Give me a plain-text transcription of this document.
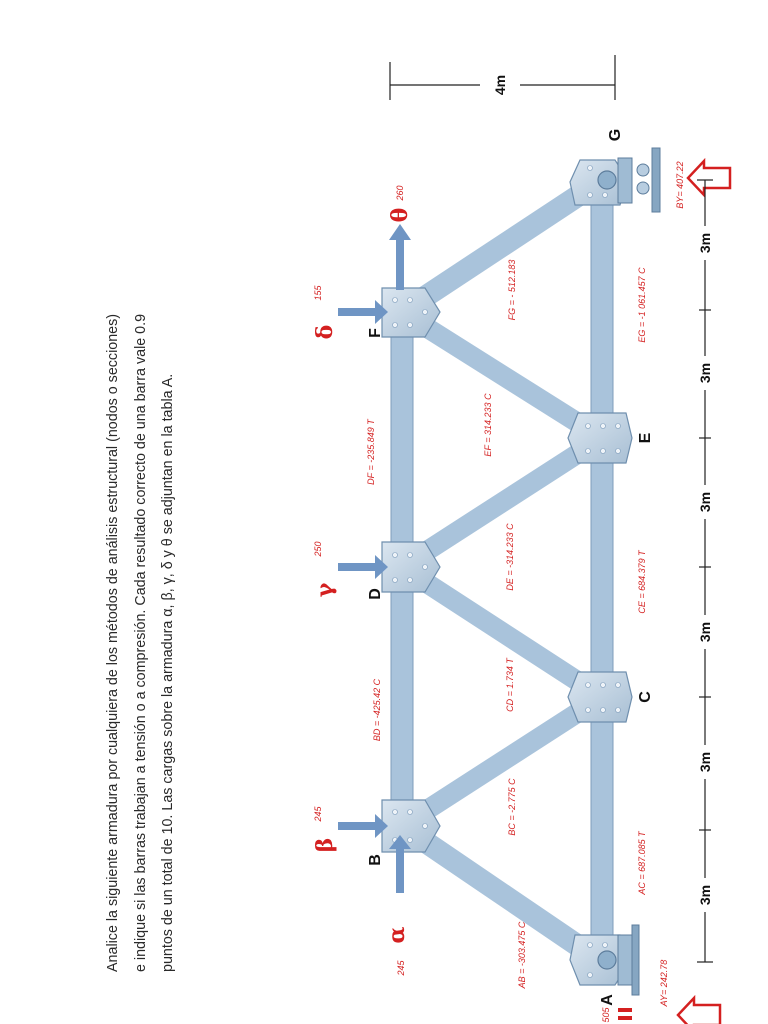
Analice la siguiente armadura por cualquiera de los métodos de análisis estructural (nodos o secciones) e indique si las barras trabajan a tensión o a compresión. Cada resultado correcto de una barra vale 0.9 puntos de un total de 10. Las cargas sobre la armadura α, β, γ, δ y θ se adjuntan en la tabla A.	α
β
γ
δ
θ
245
245
250
155
260
505
A
B
C
D
E
F
G
AB = -303.475 C
AC = 687.085 T
BC = -2.775 C
BD = -425.42 C	CD = 1.734 T
CE = 684.379 T
DE = -314.233 C
DF = -235.849 T	EF = 314.233 C
EG = -1 061.457 C
FG = - 512.183
AY= 242.78
BY= 407.22
3m
3m
3m
3m
3m
3m
4m
